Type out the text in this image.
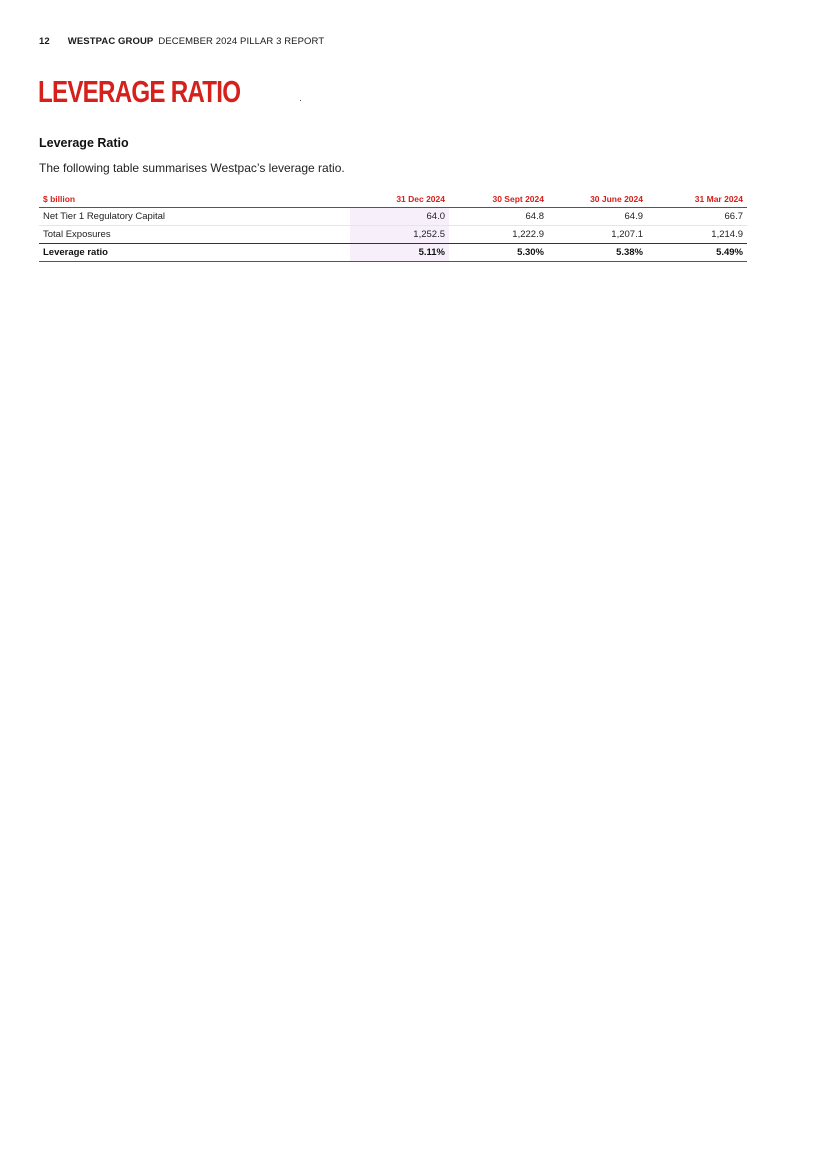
12 WESTPAC GROUP DECEMBER 2024 PILLAR 3 REPORT
LEVERAGE RATIO
Leverage Ratio

The following table summarises Westpac’s leverage ratio.

$ billion	31 Dec 2024	30 Sept 2024	30 June 2024	31 Mar 2024
Net Tier 1 Regulatory Capital	64.0	64.8	64.9	66.7
Total Exposures	1,252.5	1,222.9	1,207.1	1,214.9
Leverage ratio	5.11%	5.30%	5.38%	5.49%
